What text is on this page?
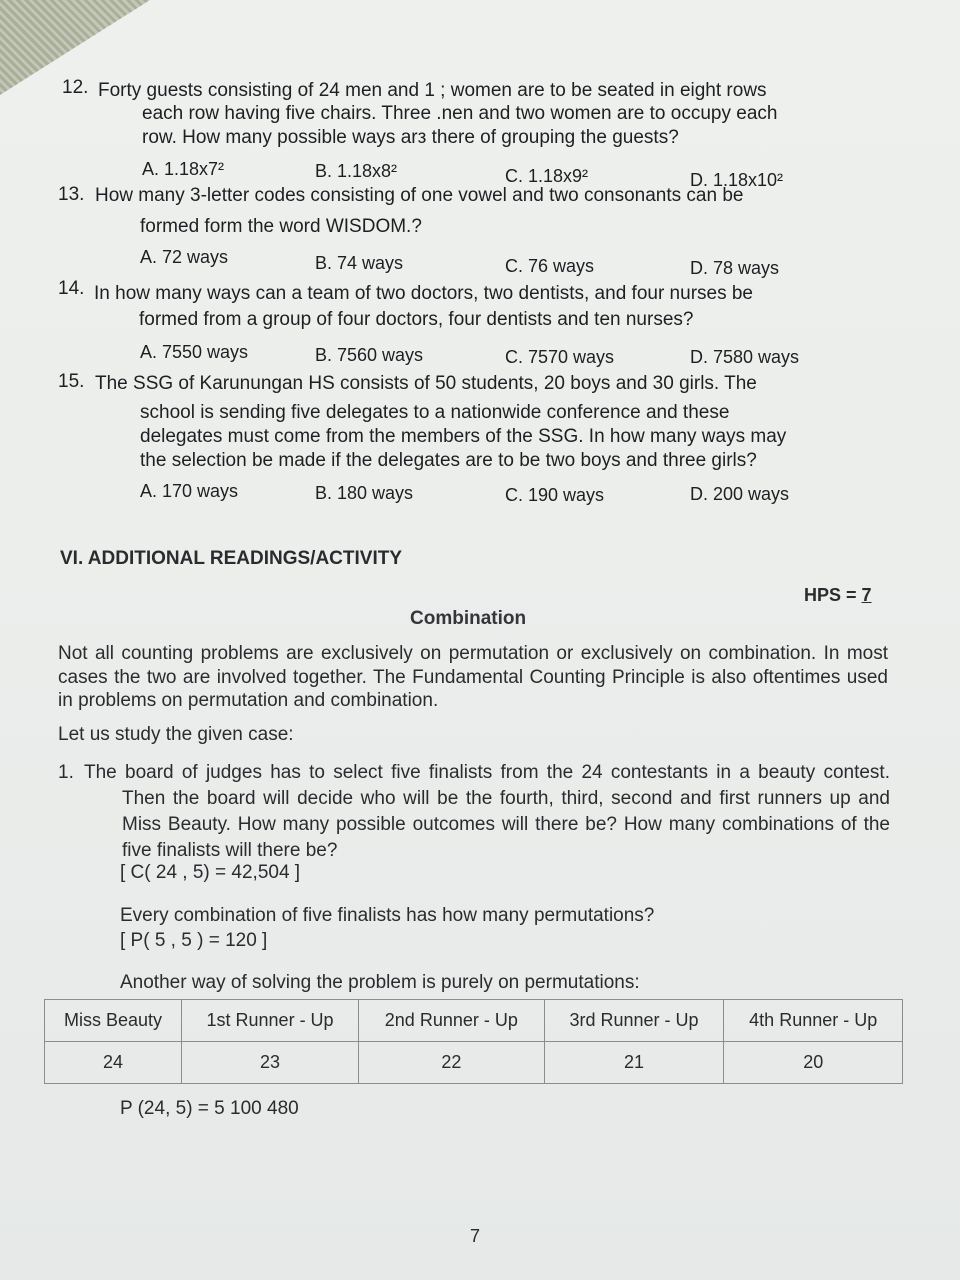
12. Forty guests consisting of 24 men and 1 ; women are to be seated in eight rows
each row having five chairs. Three .nen and two women are to occupy each
row. How many possible ways arз there of grouping the guests?
A. 1.18x7²	B. 1.18x8²	C. 1.18x9²	D. 1.18x10²
13. How many 3-letter codes consisting of one vowel and two consonants can be
formed form the word WISDOM.?
A. 72 ways	B. 74 ways	C. 76 ways	D. 78 ways
14. In how many ways can a team of two doctors, two dentists, and four nurses be
formed from a group of four doctors, four dentists and ten nurses?
A. 7550 ways	B. 7560 ways	C. 7570 ways	D. 7580 ways
15. The SSG of Karunungan HS consists of 50 students, 20 boys and 30 girls. The
school is sending five delegates to a nationwide conference and these
delegates must come from the members of the SSG. In how many ways may
the selection be made if the delegates are to be two boys and three girls?
A. 170 ways	B. 180 ways	C. 190 ways	D. 200 ways
VI. ADDITIONAL READINGS/ACTIVITY
HPS = 7
Combination
Not all counting problems are exclusively on permutation or exclusively on combination. In most cases the two are involved together. The Fundamental Counting Principle is also oftentimes used in problems on permutation and combination.
Let us study the given case:
1. The board of judges has to select five finalists from the 24 contestants in a beauty contest. Then the board will decide who will be the fourth, third, second and first runners up and Miss Beauty. How many possible outcomes will there be? How many combinations of the five finalists will there be?
[ C( 24 , 5) = 42,504 ]
Every combination of five finalists has how many permutations?
[ P( 5 , 5 ) = 120 ]
Another way of solving the problem is purely on permutations:
Miss Beauty	1st Runner - Up	2nd Runner - Up	3rd Runner - Up	4th Runner - Up
24	23	22	21	20
P (24, 5) = 5 100 480
7
